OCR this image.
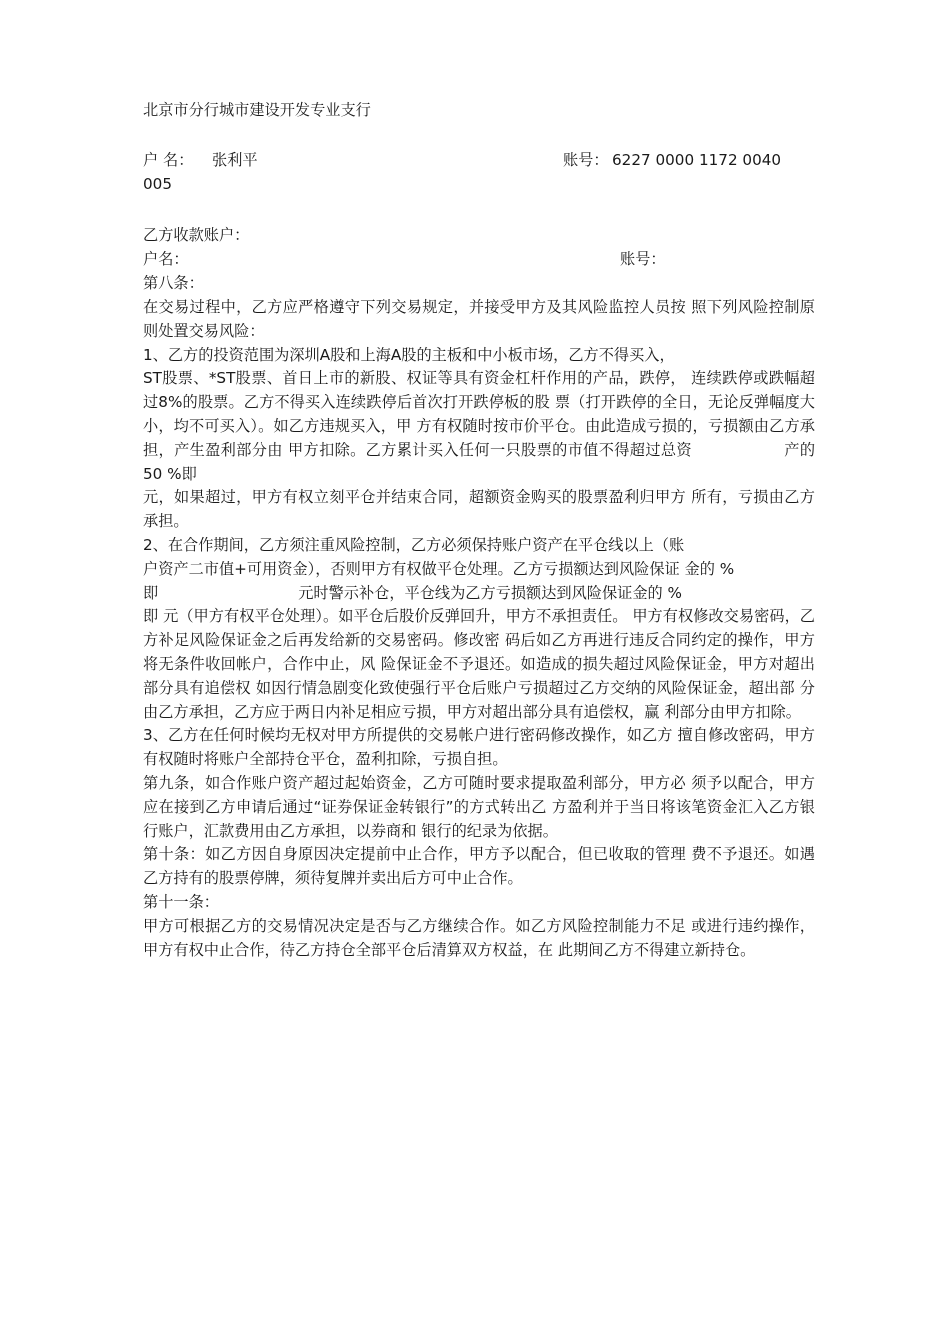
北京市分行城市建设开发专业支行
户 名： 张利平	账号： 6227 0000 1172 0040
005
乙方收款账户：
户名：	账号：
第八条：

在交易过程中，乙方应严格遵守下列交易规定，并接受甲方及其风险监控人员按 照下列风险控制原则处置交易风险：

1、乙方的投资范围为深圳A股和上海A股的主板和中小板市场，乙方不得买入，

ST股票、*ST股票、首日上市的新股、权证等具有资金杠杆作用的产品，跌停， 连续跌停或跌幅超过8%的股票。乙方不得买入连续跌停后首次打开跌停板的股 票（打开跌停的全日，无论反弹幅度大小，均不可买入）。如乙方违规买入，甲 方有权随时按市价平仓。由此造成亏损的，亏损额由乙方承担，产生盈利部分由 甲方扣除。乙方累计买入任何一只股票的市值不得超过总资	产的50 %即

元，如果超过，甲方有权立刻平仓并结束合同，超额资金购买的股票盈利归甲方 所有，亏损由乙方承担。

2、在合作期间，乙方须注重风险控制，乙方必须保持账户资产在平仓线以上（账

户资产二市值+可用资金），否则甲方有权做平仓处理。乙方亏损额达到风险保证 金的 %

即	元时警示补仓，平仓线为乙方亏损额达到风险保证金的 %

即 元（甲方有权平仓处理）。如平仓后股价反弹回升，甲方不承担责任。 甲方有权修改交易密码，乙方补足风险保证金之后再发给新的交易密码。修改密 码后如乙方再进行违反合同约定的操作，甲方将无条件收回帐户，合作中止，风 险保证金不予退还。如造成的损失超过风险保证金，甲方对超出部分具有追偿权 如因行情急剧变化致使强行平仓后账户亏损超过乙方交纳的风险保证金，超出部 分由乙方承担，乙方应于两日内补足相应亏损，甲方对超出部分具有追偿权，赢 利部分由甲方扣除。

3、乙方在任何时候均无权对甲方所提供的交易帐户进行密码修改操作，如乙方 擅自修改密码，甲方有权随时将账户全部持仓平仓，盈利扣除，亏损自担。

第九条，如合作账户资产超过起始资金，乙方可随时要求提取盈利部分，甲方必 须予以配合，甲方应在接到乙方申请后通过“证券保证金转银行”的方式转出乙 方盈利并于当日将该笔资金汇入乙方银行账户，汇款费用由乙方承担，以券商和 银行的纪录为依据。

第十条：如乙方因自身原因决定提前中止合作，甲方予以配合，但已收取的管理 费不予退还。如遇乙方持有的股票停牌，须待复牌并卖出后方可中止合作。

第十一条：

甲方可根据乙方的交易情况决定是否与乙方继续合作。如乙方风险控制能力不足 或进行违约操作，甲方有权中止合作，待乙方持仓全部平仓后清算双方权益，在 此期间乙方不得建立新持仓。
